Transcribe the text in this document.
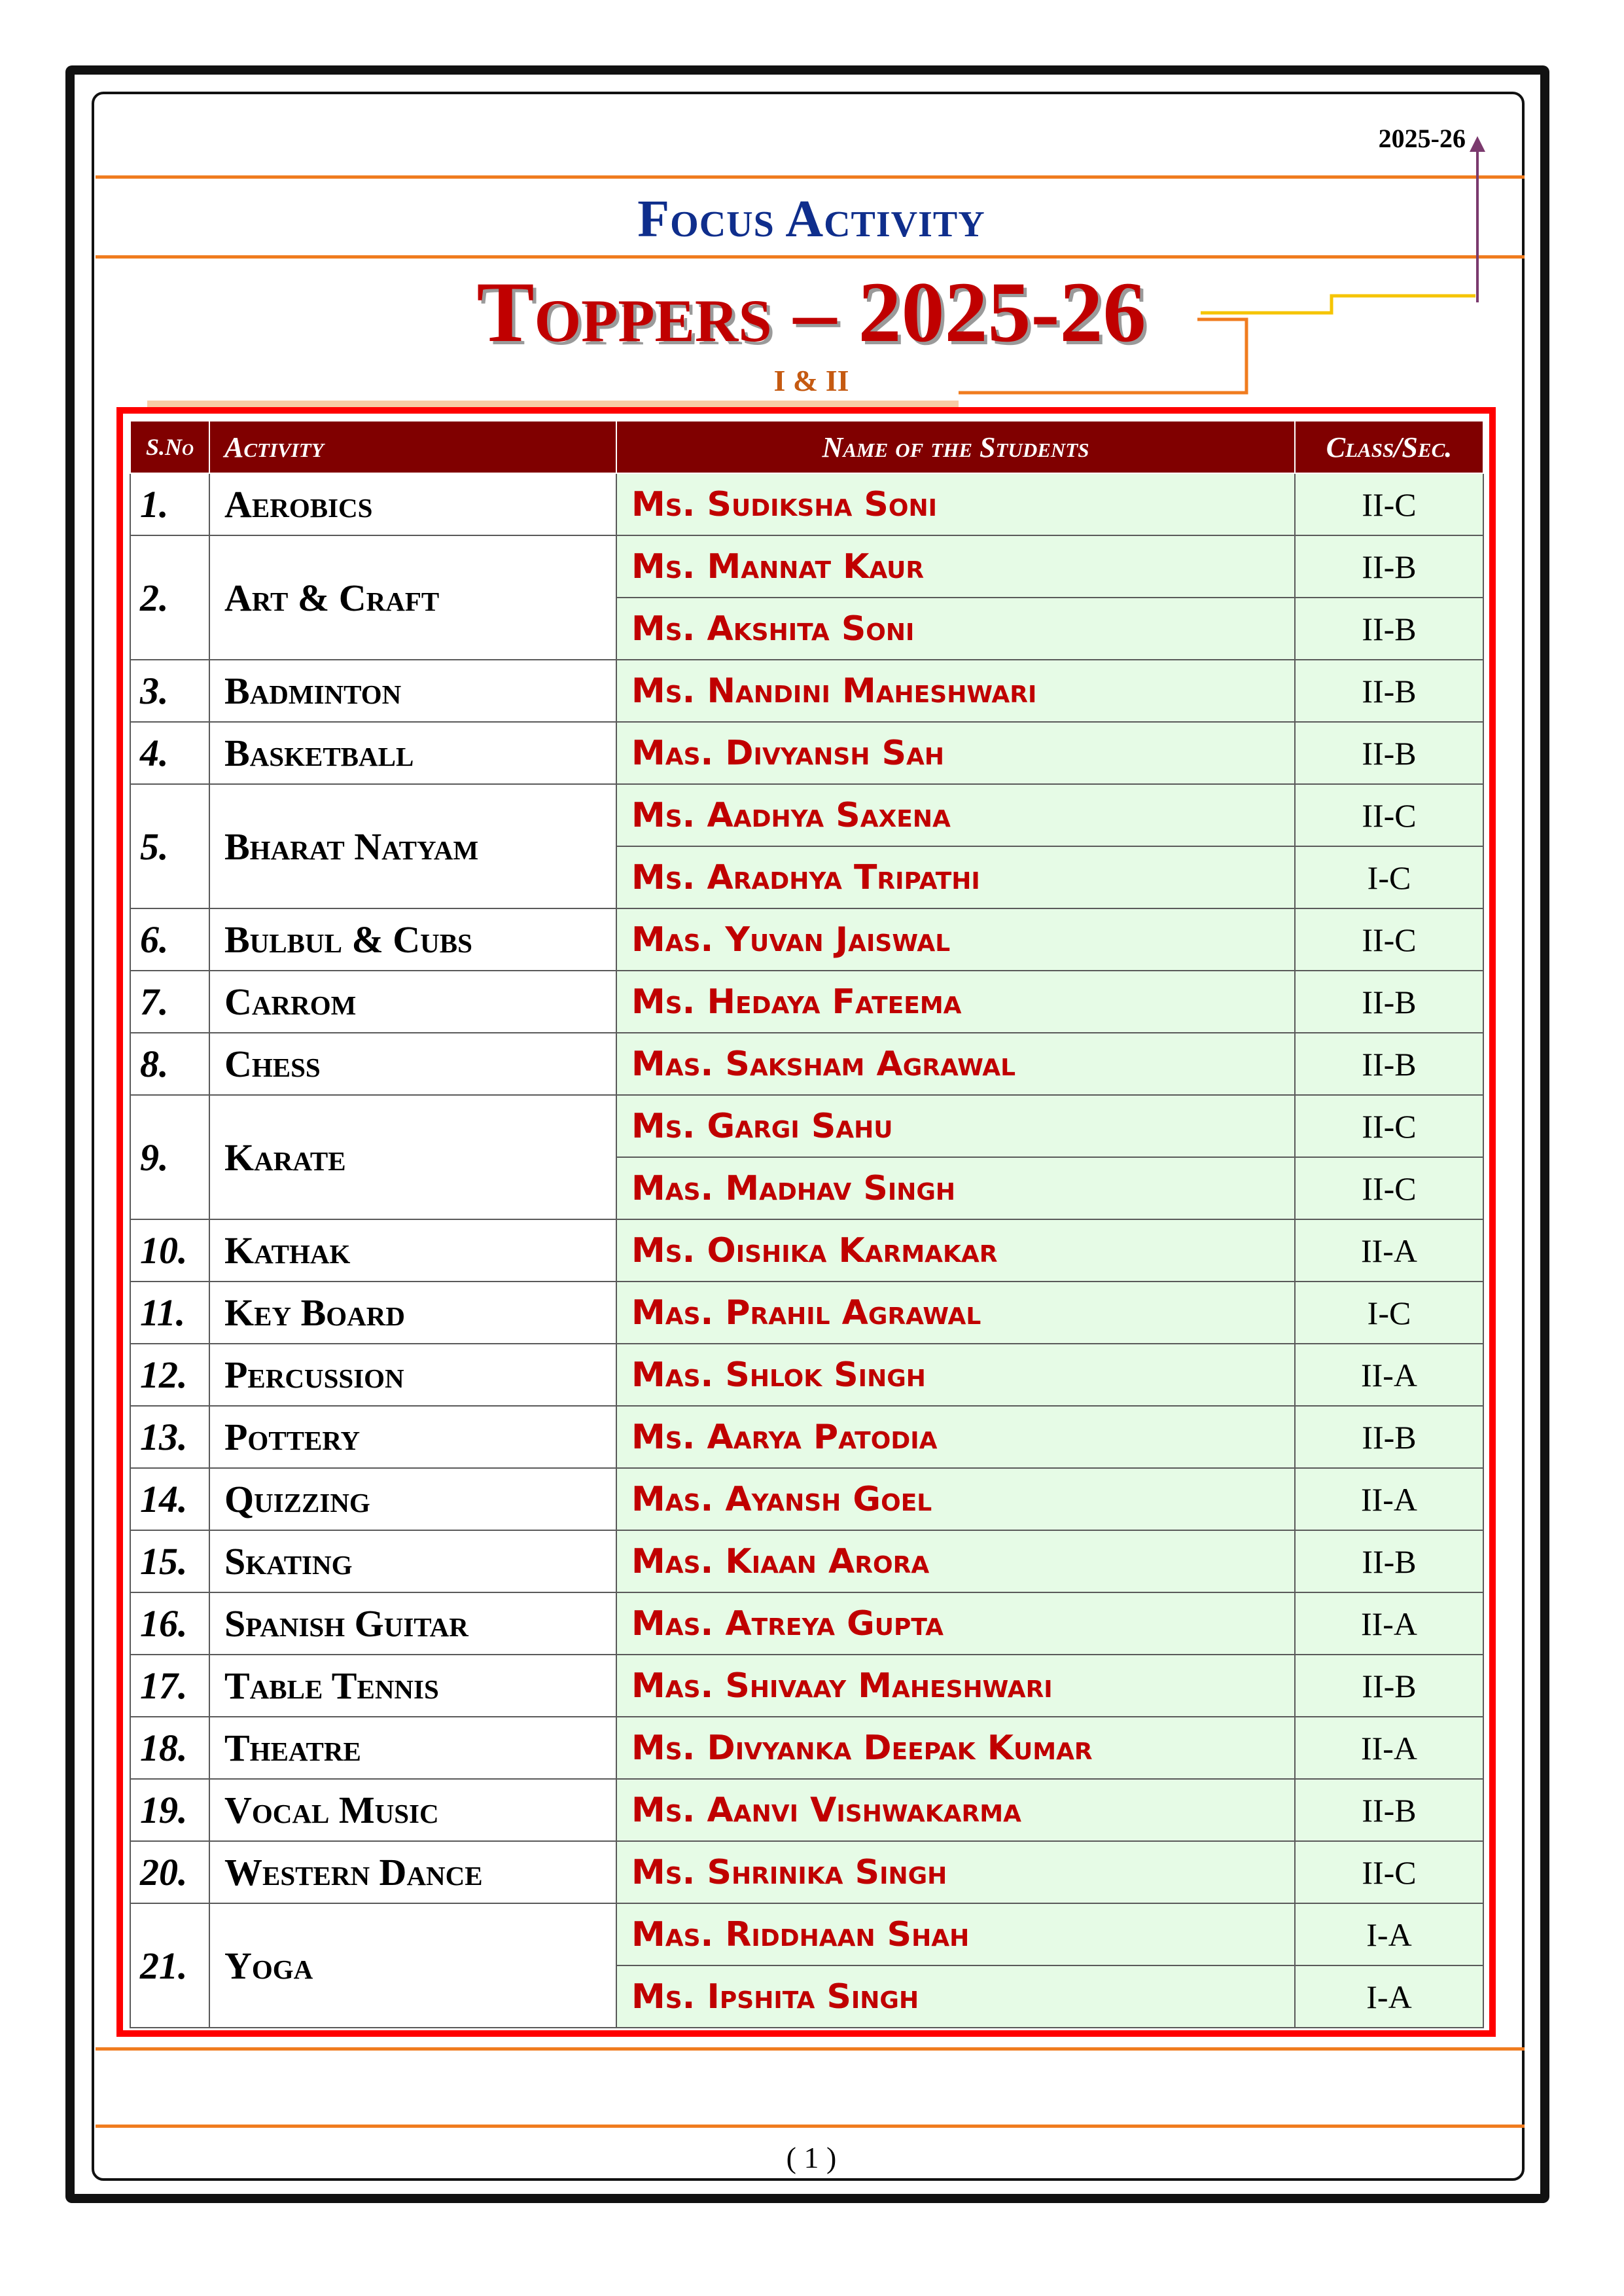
2025-26
Focus Activity
Toppers – 2025-26
I & II
S.No	Activity	Name of the Students	Class/Sec.
1.	Aerobics	Ms. Sudiksha Soni	II-C
2.	Art & Craft	Ms. Mannat Kaur	II-B
		Ms. Akshita Soni	II-B
3.	Badminton	Ms. Nandini Maheshwari	II-B
4.	Basketball	Mas. Divyansh Sah	II-B
5.	Bharat Natyam	Ms. Aadhya Saxena	II-C
		Ms. Aradhya Tripathi	I-C
6.	Bulbul & Cubs	Mas. Yuvan Jaiswal	II-C
7.	Carrom	Ms. Hedaya Fateema	II-B
8.	Chess	Mas. Saksham Agrawal	II-B
9.	Karate	Ms. Gargi Sahu	II-C
		Mas. Madhav Singh	II-C
10.	Kathak	Ms. Oishika Karmakar	II-A
11.	Key Board	Mas. Prahil Agrawal	I-C
12.	Percussion	Mas. Shlok Singh	II-A
13.	Pottery	Ms. Aarya Patodia	II-B
14.	Quizzing	Mas. Ayansh Goel	II-A
15.	Skating	Mas. Kiaan Arora	II-B
16.	Spanish Guitar	Mas. Atreya Gupta	II-A
17.	Table Tennis	Mas. Shivaay Maheshwari	II-B
18.	Theatre	Ms. Divyanka Deepak Kumar	II-A
19.	Vocal Music	Ms. Aanvi Vishwakarma	II-B
20.	Western Dance	Ms. Shrinika Singh	II-C
21.	Yoga	Mas. Riddhaan Shah	I-A
		Ms. Ipshita Singh	I-A
( 1 )
